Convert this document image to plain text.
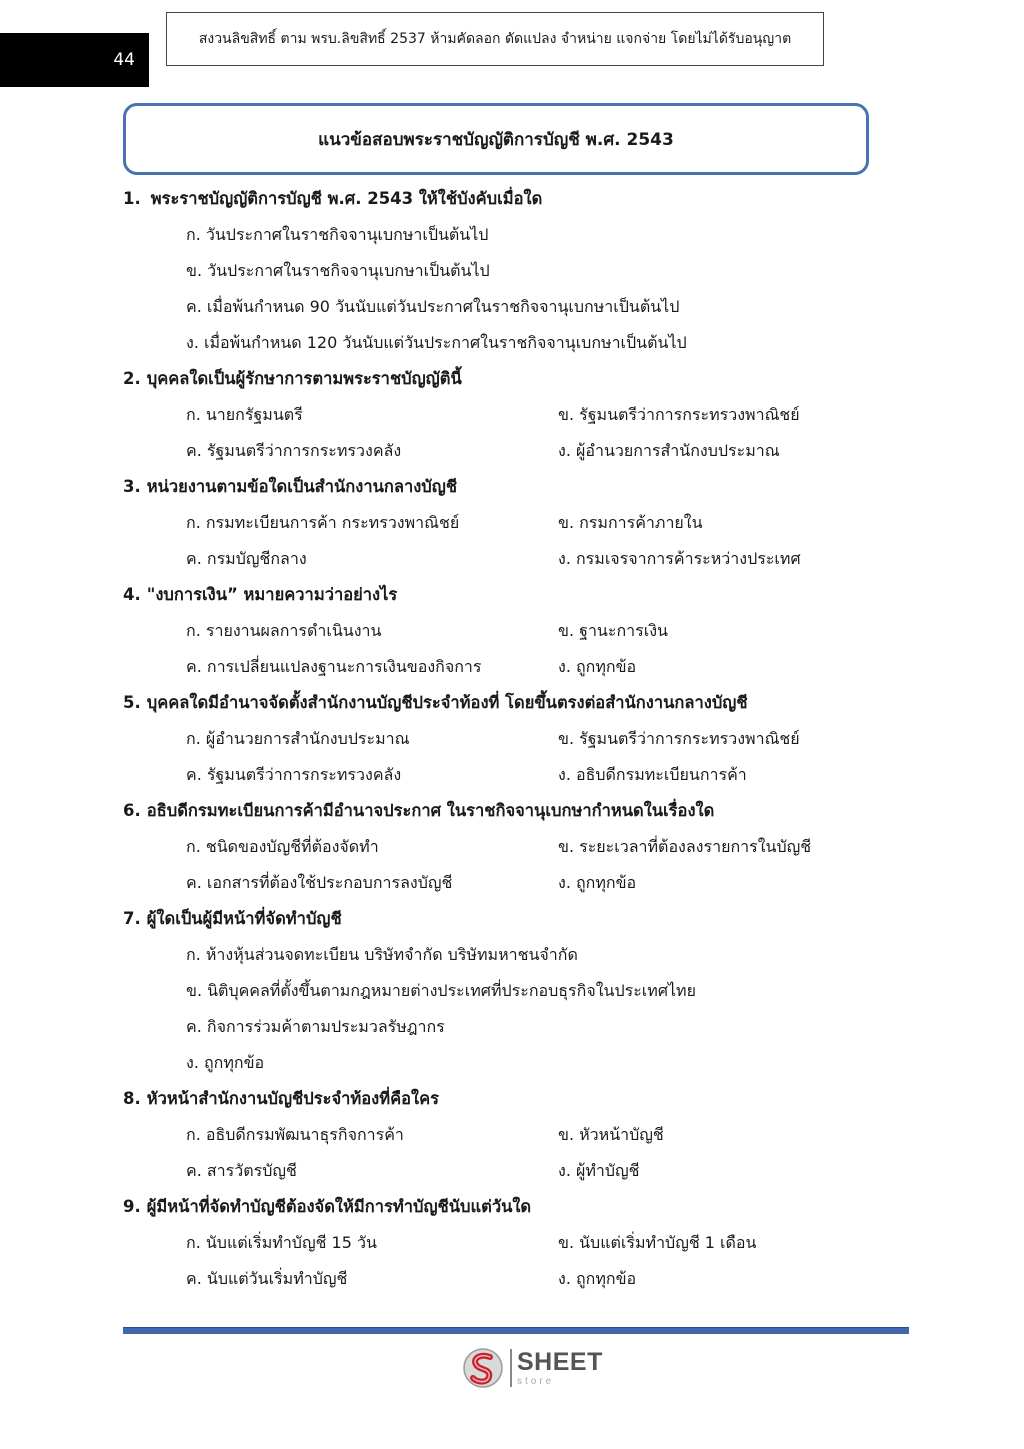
44
สงวนลิขสิทธิ์ ตาม พรบ.ลิขสิทธิ์ 2537 ห้ามคัดลอก ดัดแปลง จำหน่าย แจกจ่าย โดยไม่ได้รับอนุญาต
แนวข้อสอบพระราชบัญญัติการบัญชี พ.ศ. 2543
1. พระราชบัญญัติการบัญชี พ.ศ. 2543 ให้ใช้บังคับเมื่อใด
ก. วันประกาศในราชกิจจานุเบกษาเป็นต้นไป
ข. วันประกาศในราชกิจจานุเบกษาเป็นต้นไป
ค. เมื่อพ้นกำหนด 90 วันนับแต่วันประกาศในราชกิจจานุเบกษาเป็นต้นไป
ง. เมื่อพ้นกำหนด 120 วันนับแต่วันประกาศในราชกิจจานุเบกษาเป็นต้นไป
2. บุคคลใดเป็นผู้รักษาการตามพระราชบัญญัตินี้
ก. นายกรัฐมนตรี	ข. รัฐมนตรีว่าการกระทรวงพาณิชย์
ค. รัฐมนตรีว่าการกระทรวงคลัง	ง. ผู้อำนวยการสำนักงบประมาณ
3. หน่วยงานตามข้อใดเป็นสำนักงานกลางบัญชี
ก. กรมทะเบียนการค้า กระทรวงพาณิชย์	ข. กรมการค้าภายใน
ค. กรมบัญชีกลาง	ง. กรมเจรจาการค้าระหว่างประเทศ
4. "งบการเงิน” หมายความว่าอย่างไร
ก. รายงานผลการดำเนินงาน	ข. ฐานะการเงิน
ค. การเปลี่ยนแปลงฐานะการเงินของกิจการ	ง. ถูกทุกข้อ
5. บุคคลใดมีอำนาจจัดตั้งสำนักงานบัญชีประจำท้องที่ โดยขึ้นตรงต่อสำนักงานกลางบัญชี
ก. ผู้อำนวยการสำนักงบประมาณ	ข. รัฐมนตรีว่าการกระทรวงพาณิชย์
ค. รัฐมนตรีว่าการกระทรวงคลัง	ง. อธิบดีกรมทะเบียนการค้า
6. อธิบดีกรมทะเบียนการค้ามีอำนาจประกาศ ในราชกิจจานุเบกษากำหนดในเรื่องใด
ก. ชนิดของบัญชีที่ต้องจัดทำ	ข. ระยะเวลาที่ต้องลงรายการในบัญชี
ค. เอกสารที่ต้องใช้ประกอบการลงบัญชี	ง. ถูกทุกข้อ
7. ผู้ใดเป็นผู้มีหน้าที่จัดทำบัญชี
ก. ห้างหุ้นส่วนจดทะเบียน บริษัทจำกัด บริษัทมหาชนจำกัด
ข. นิติบุคคลที่ตั้งขึ้นตามกฎหมายต่างประเทศที่ประกอบธุรกิจในประเทศไทย
ค. กิจการร่วมค้าตามประมวลรัษฎากร
ง. ถูกทุกข้อ
8. หัวหน้าสำนักงานบัญชีประจำท้องที่คือใคร
ก. อธิบดีกรมพัฒนาธุรกิจการค้า	ข. หัวหน้าบัญชี
ค. สารวัตรบัญชี	ง. ผู้ทำบัญชี
9. ผู้มีหน้าที่จัดทำบัญชีต้องจัดให้มีการทำบัญชีนับแต่วันใด
ก. นับแต่เริ่มทำบัญชี 15 วัน	ข. นับแต่เริ่มทำบัญชี 1 เดือน
ค. นับแต่วันเริ่มทำบัญชี	ง. ถูกทุกข้อ
SHEET
store
